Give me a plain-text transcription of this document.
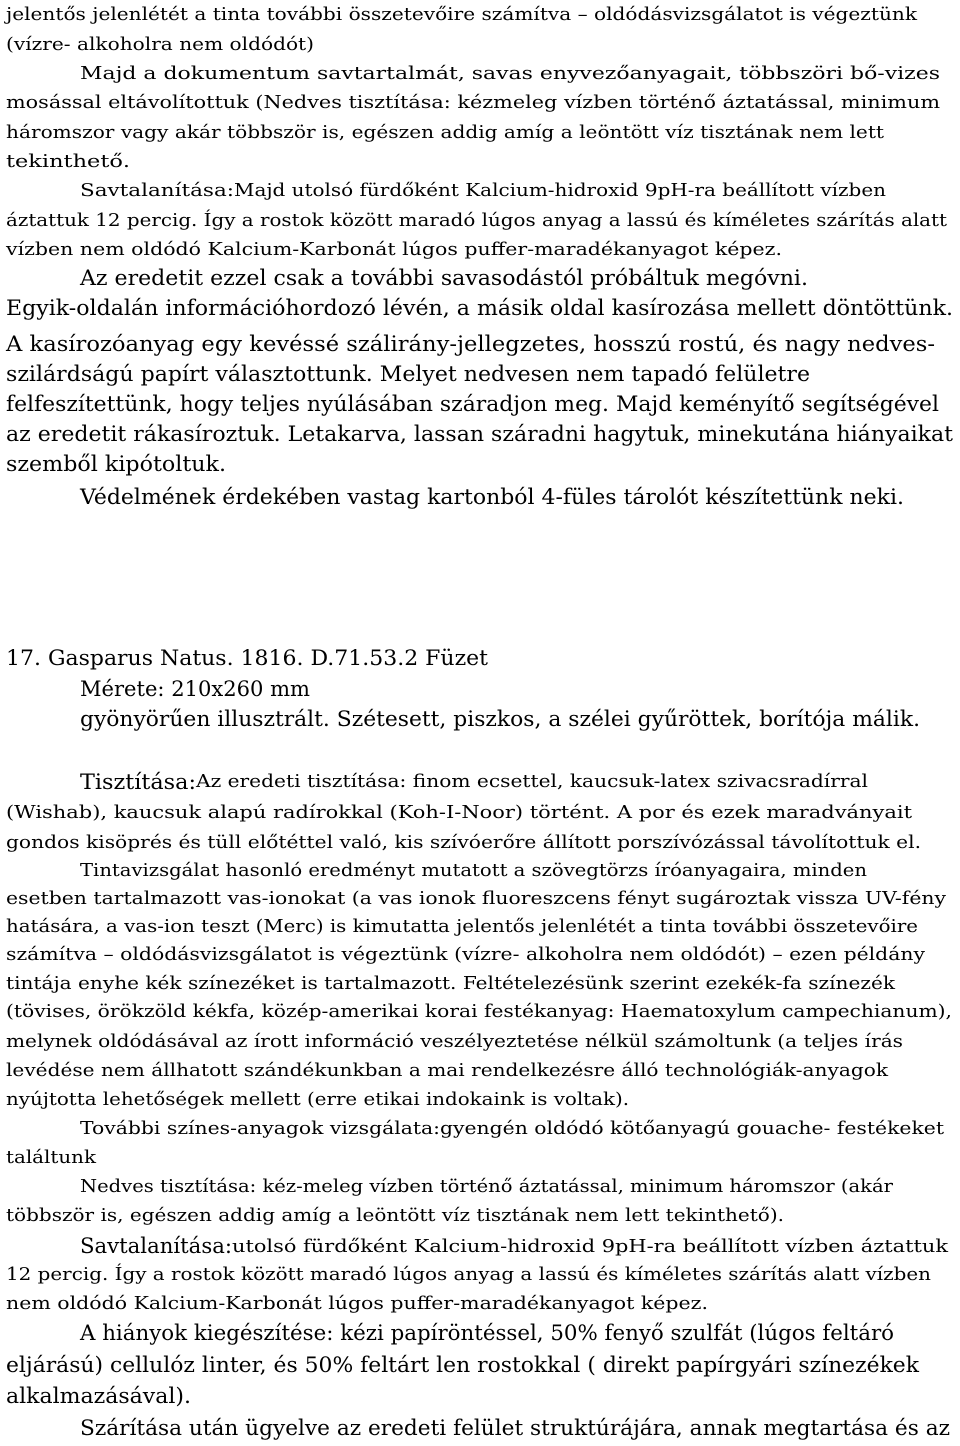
jelentős jelenlétét a tinta további összetevőire számítva – oldódásvizsgálatot is végeztünk
(vízre- alkoholra nem oldódót)
Majd a dokumentum savtartalmát, savas enyvezőanyagait, többszöri bő-vizes
mosással eltávolítottuk (Nedves tisztítása: kézmeleg vízben történő áztatással, minimum
háromszor vagy akár többször is, egészen addig amíg a leöntött víz tisztának nem lett
tekinthető.
Savtalanítása: Majd utolsó fürdőként Kalcium-hidroxid 9pH-ra beállított vízben
áztattuk 12 percig. Így a rostok között maradó lúgos anyag a lassú és kíméletes szárítás alatt
vízben nem oldódó Kalcium-Karbonát lúgos puffer-maradékanyagot képez.
Az eredetit ezzel csak a további savasodástól próbáltuk megóvni.
Egyik-oldalán információhordozó lévén, a másik oldal kasírozása mellett döntöttünk.
A kasírozóanyag egy kevéssé szálirány-jellegzetes, hosszú rostú, és nagy nedves-
szilárdságú papírt választottunk. Melyet nedvesen nem tapadó felületre
felfeszítettünk, hogy teljes nyúlásában száradjon meg. Majd keményítő segítségével
az eredetit rákasíroztuk. Letakarva, lassan száradni hagytuk, minekutána hiányaikat
szemből kipótoltuk.
Védelmének érdekében vastag kartonból 4-füles tárolót készítettünk neki.
17. Gasparus Natus. 1816. D.71.53.2 Füzet
Mérete: 210x260 mm
gyönyörűen illusztrált. Szétesett, piszkos, a szélei gyűröttek, borítója málik.
Tisztítása: Az eredeti tisztítása: finom ecsettel, kaucsuk-latex szivacsradírral
(Wishab), kaucsuk alapú radírokkal (Koh-I-Noor) történt. A por és ezek maradványait
gondos kisöprés és tüll előtéttel való, kis szívóerőre állított porszívózással távolítottuk el.
Tintavizsgálat hasonló eredményt mutatott a szövegtörzs íróanyagaira, minden
esetben tartalmazott vas-ionokat (a vas ionok fluoreszcens fényt sugároztak vissza UV-fény
hatására, a vas-ion teszt (Merc) is kimutatta jelentős jelenlétét a tinta további összetevőire
számítva – oldódásvizsgálatot is végeztünk (vízre- alkoholra nem oldódót) – ezen példány
tintája enyhe kék színezéket is tartalmazott. Feltételezésünk szerint ezekék-fa színezék
(tövises, örökzöld kékfa, közép-amerikai korai festékanyag: Haematoxylum campechianum),
melynek oldódásával az írott információ veszélyeztetése nélkül számoltunk (a teljes írás
levédése nem állhatott szándékunkban a mai rendelkezésre álló technológiák-anyagok
nyújtotta lehetőségek mellett (erre etikai indokaink is voltak).
További színes-anyagok vizsgálata:gyengén oldódó kötőanyagú gouache- festékeket
találtunk
Nedves tisztítása: kéz-meleg vízben történő áztatással, minimum háromszor (akár
többször is, egészen addig amíg a leöntött víz tisztának nem lett tekinthető).
Savtalanítása: utolsó fürdőként Kalcium-hidroxid 9pH-ra beállított vízben áztattuk
12 percig. Így a rostok között maradó lúgos anyag a lassú és kíméletes szárítás alatt vízben
nem oldódó Kalcium-Karbonát lúgos puffer-maradékanyagot képez.
A hiányok kiegészítése: kézi papíröntéssel, 50% fenyő szulfát (lúgos feltáró
eljárású) cellulóz linter, és 50% feltárt len rostokkal ( direkt papírgyári színezékek
alkalmazásával).
Szárítása után ügyelve az eredeti felület struktúrájára, annak megtartása és az
